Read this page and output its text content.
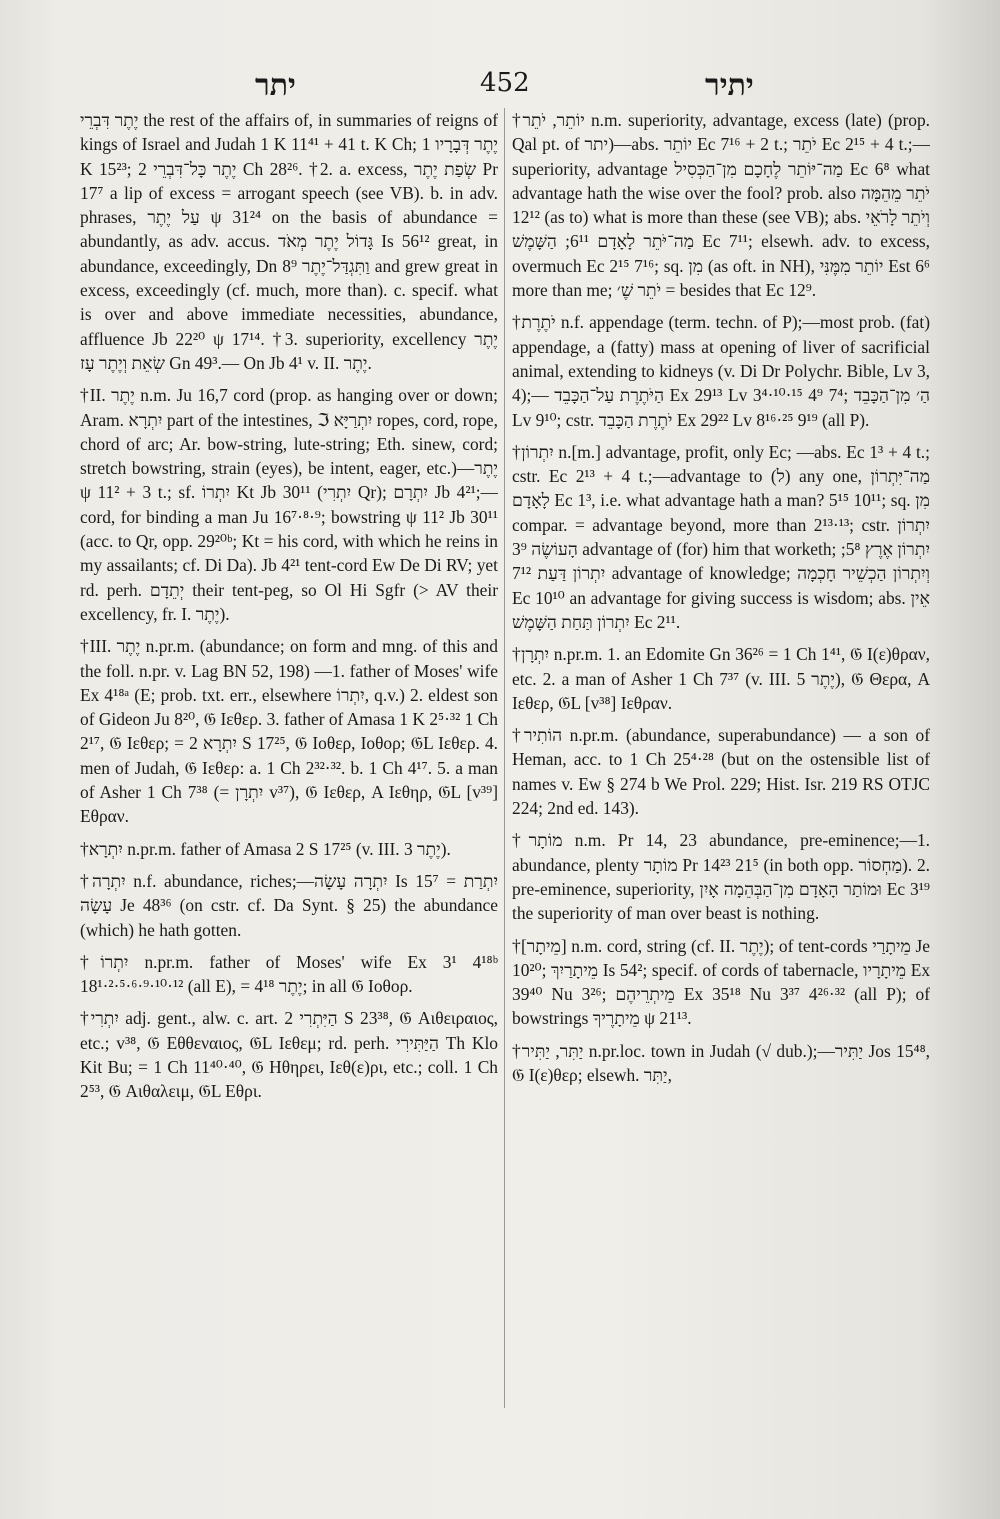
יתר	452	יתיר

יֶתֶר דִּבְרֵי the rest of the affairs of, in summaries of reigns of kings of Israel and Judah 1 K 11⁴¹ + 41 t. K Ch; יֶתֶר דְּבָרָיו 1 K 15²³; יֶתֶר כָּל־דִּבְרֵי 2 Ch 28²⁶. †2. a. excess, שְׂפַת יֶתֶר Pr 17⁷ a lip of excess = arrogant speech (see VB). b. in adv. phrases, עַל יֶתֶר ψ 31²⁴ on the basis of abundance = abundantly, as adv. accus. גָּדוֹל יֶתֶר מְאֹד Is 56¹² great, in abundance, exceedingly, Dn 8⁹ וַתִּגְדַּל־יֶתֶר and grew great in excess, exceedingly (cf. much, more than). c. specif. what is over and above immediate necessities, abundance, affluence Jb 22²⁰ ψ 17¹⁴. †3. superiority, excellency יֶתֶר שְׂאֵת וְיֶתֶר עָז Gn 49³.— On Jb 4¹ v. II. יֶתֶר.

†II. יֶתֶר n.m. Ju 16,7 cord (prop. as hanging over or down; Aram. יִתְרָא part of the intestines, ℑ יִתְרַיָּא ropes, cord, rope, chord of arc; Ar. bow-string, lute-string; Eth. sinew, cord; stretch bowstring, strain (eyes), be intent, eager, etc.)—יֶתֶר ψ 11² + 3 t.; sf. יִתְרוֹ Kt Jb 30¹¹ (יִתְרִי Qr); יִתְרָם Jb 4²¹;—cord, for binding a man Ju 16⁷·⁸·⁹; bowstring ψ 11² Jb 30¹¹ (acc. to Qr, opp. 29²⁰ᵇ; Kt = his cord, with which he reins in my assailants; cf. Di Da). Jb 4²¹ tent-cord Ew De Di RV; yet rd. perh. יְתֵדָם their tent-peg, so Ol Hi Sgfr (> AV their excellency, fr. I. יֶתֶר).

†III. יֶתֶר n.pr.m. (abundance; on form and mng. of this and the foll. n.pr. v. Lag BN 52, 198) —1. father of Moses' wife Ex 4¹⁸ᵃ (E; prob. txt. err., elsewhere יִתְרוֹ, q.v.) 2. eldest son of Gideon Ju 8²⁰, 𝔊 Ιεθερ. 3. father of Amasa 1 K 2⁵·³² 1 Ch 2¹⁷, 𝔊 Ιεθερ; = יִתְרָא 2 S 17²⁵, 𝔊 Ιοθερ, Ιοθορ; 𝔊L Ιεθερ. 4. men of Judah, 𝔊 Ιεθερ: a. 1 Ch 2³²·³². b. 1 Ch 4¹⁷. 5. a man of Asher 1 Ch 7³⁸ (= יִתְרָן v³⁷), 𝔊 Ιεθερ, A Ιεθηρ, 𝔊L [v³⁹] Εθραν.

†יִתְרָא n.pr.m. father of Amasa 2 S 17²⁵ (v. III. יֶתֶר 3).

†יִתְרָה n.f. abundance, riches;—יִתְרָה עָשָׂה Is 15⁷ = יִתְרַת עָשָׂה Je 48³⁶ (on cstr. cf. Da Synt. § 25) the abundance (which) he hath gotten.

†יִתְרוֹ n.pr.m. father of Moses' wife Ex 3¹ 4¹⁸ᵇ 18¹·²·⁵·⁶·⁹·¹⁰·¹² (all E), = יֶתֶר 4¹⁸; in all 𝔊 Ιοθορ.

†יִתְרִי adj. gent., alw. c. art. הַיִּתְרִי 2 S 23³⁸, 𝔊 Αιθειραιος, etc.; v³⁸, 𝔊 Εθθεναιος, 𝔊L Ιεθεμ; rd. perh. הַיַּתִּירִי Th Klo Kit Bu; = 1 Ch 11⁴⁰·⁴⁰, 𝔊 Ηθηρει, Ιεθ(ε)ρι, etc.; coll. 1 Ch 2⁵³, 𝔊 Αιθαλειμ, 𝔊L Εθρι.

†יוֹתֵר, יֹתֵר n.m. superiority, advantage, excess (late) (prop. Qal pt. of יתר)—abs. יוֹתֵר Ec 7¹⁶ + 2 t.; יֹתֵר Ec 2¹⁵ + 4 t.;—superiority, advantage מַה־יּוֹתֵר לֶחָכָם מִן־הַכְּסִיל Ec 6⁸ what advantage hath the wise over the fool? prob. also יֹתֵר מֵהֵמָּה 12¹² (as to) what is more than these (see VB); abs. וְיֹתֵר לָרֹאֵי מַה־יֹּתֵר לָאָדָם 6¹¹; הַשָּׁמֶשׁ Ec 7¹¹; elsewh. adv. to excess, overmuch Ec 2¹⁵ 7¹⁶; sq. מִן (as oft. in NH), יוֹתֵר מִמֶּנִּי Est 6⁶ more than me; יֹתֵר שֶׁ׳ = besides that Ec 12⁹.

†יֹתֶרֶת n.f. appendage (term. techn. of P);—most prob. (fat) appendage, a (fatty) mass at opening of liver of sacrificial animal, extending to kidneys (v. Di Dr Polychr. Bible, Lv 3, 4);— הַיֹּתֶרֶת עַל־הַכָּבֵד Ex 29¹³ Lv 3⁴·¹⁰·¹⁵ 4⁹ 7⁴; הַ׳ מִן־הַכָּבֵד Lv 9¹⁰; cstr. יֹתֶרֶת הַכָּבֵד Ex 29²² Lv 8¹⁶·²⁵ 9¹⁹ (all P).

†יִתְרוֹן n.[m.] advantage, profit, only Ec; —abs. Ec 1³ + 4 t.; cstr. Ec 2¹³ + 4 t.;—advantage to (ל) any one, מַה־יִּתְרוֹן לָאָדָם Ec 1³, i.e. what advantage hath a man? 5¹⁵ 10¹¹; sq. מִן compar. = advantage beyond, more than 2¹³·¹³; cstr. יִתְרוֹן הָעוֹשֶׂה 3⁹ advantage of (for) him that worketh; יִתְרוֹן אֶרֶץ 5⁸; יִתְרוֹן דַּעַת 7¹² advantage of knowledge; וְיִתְרוֹן הַכְשֵׁיר חָכְמָה Ec 10¹⁰ an advantage for giving success is wisdom; abs. אֵין יִתְרוֹן תַּחַת הַשָּׁמֶשׁ Ec 2¹¹.

†יִתְרָן n.pr.m. 1. an Edomite Gn 36²⁶ = 1 Ch 1⁴¹, 𝔊 Ι(ε)θραν, etc. 2. a man of Asher 1 Ch 7³⁷ (v. III. יֶתֶר 5), 𝔊 Θερα, A Ιεθερ, 𝔊L [v³⁸] Ιεθραν.

†הוֹתִיר n.pr.m. (abundance, superabundance) — a son of Heman, acc. to 1 Ch 25⁴·²⁸ (but on the ostensible list of names v. Ew § 274 b We Prol. 229; Hist. Isr. 219 RS OTJC 224; 2nd ed. 143).

†מוֹתָר n.m. Pr 14, 23 abundance, pre-eminence;—1. abundance, plenty מוֹתָר Pr 14²³ 21⁵ (in both opp. מַחְסוֹר). 2. pre-eminence, superiority, וּמוֹתַר הָאָדָם מִן־הַבְּהֵמָה אָיִן Ec 3¹⁹ the superiority of man over beast is nothing.

†[מֵיתָר] n.m. cord, string (cf. II. יֶתֶר); of tent-cords מֵיתָרַי Je 10²⁰; מֵיתָרַיִךְ Is 54²; specif. of cords of tabernacle, מֵיתָרָיו Ex 39⁴⁰ Nu 3²⁶; מֵיתְרֵיהֶם Ex 35¹⁸ Nu 3³⁷ 4²⁶·³² (all P); of bowstrings מֵיתָרֶיךָ ψ 21¹³.

†יַתִּר, יַתִּיר n.pr.loc. town in Judah (√ dub.);—יַתִּיר Jos 15⁴⁸, 𝔊 Ι(ε)θερ; elsewh. יַתִּר,
